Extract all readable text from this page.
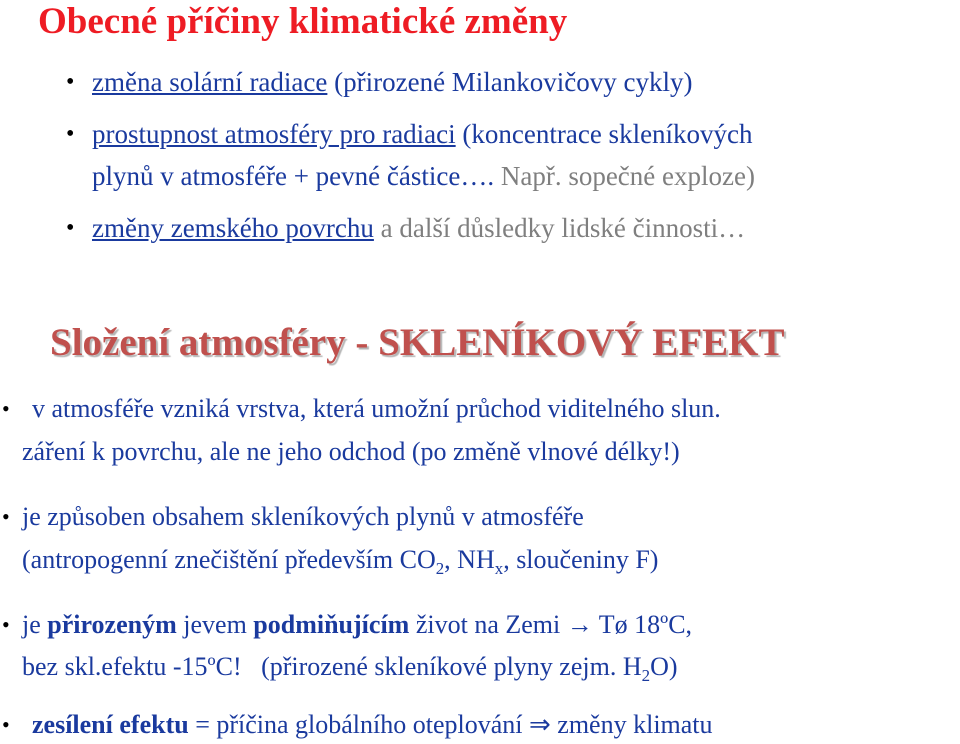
Obecné příčiny klimatické změny
• změna solární radiace (přirozené Milankovičovy cykly)
• prostupnost atmosféry pro radiaci (koncentrace skleníkových
plynů v atmosféře + pevné částice…. Např. sopečné exploze)
• změny zemského povrchu a další důsledky lidské činnosti…
Složení atmosféry - SKLENÍKOVÝ EFEKT
• v atmosféře vzniká vrstva, která umožní průchod viditelného slun.
záření k povrchu, ale ne jeho odchod (po změně vlnové délky!)
• je způsoben obsahem skleníkových plynů v atmosféře
(antropogenní znečištění především $CO_2$, $NH_x$, sloučeniny F)
• je přirozeným jevem podmiňujícím život na Zemi → Tø 18ºC,
bez skl.efektu -15ºC!   (přirozené skleníkové plyny zejm. $H_2O$)
• zesílení efektu = příčina globálního oteplování ⇒ změny klimatu
